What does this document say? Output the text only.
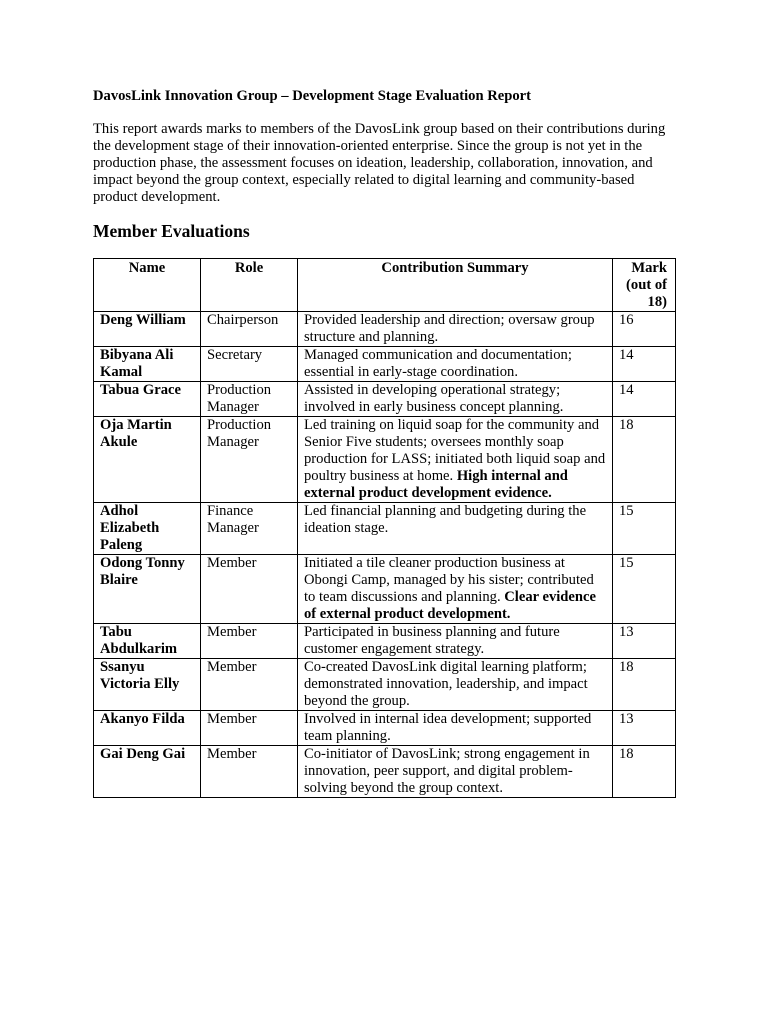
DavosLink Innovation Group – Development Stage Evaluation Report

This report awards marks to members of the DavosLink group based on their contributions during the development stage of their innovation-oriented enterprise. Since the group is not yet in the production phase, the assessment focuses on ideation, leadership, collaboration, innovation, and impact beyond the group context, especially related to digital learning and community-based product development.

Member Evaluations
Name	Role	Contribution Summary	Mark (out of 18)
Deng William	Chairperson	Provided leadership and direction; oversaw group structure and planning.	16
Bibyana Ali Kamal	Secretary	Managed communication and documentation; essential in early-stage coordination.	14
Tabua Grace	Production Manager	Assisted in developing operational strategy; involved in early business concept planning.	14
Oja Martin Akule	Production Manager	Led training on liquid soap for the community and Senior Five students; oversees monthly soap production for LASS; initiated both liquid soap and poultry business at home. High internal and external product development evidence.	18
Adhol Elizabeth Paleng	Finance Manager	Led financial planning and budgeting during the ideation stage.	15
Odong Tonny Blaire	Member	Initiated a tile cleaner production business at Obongi Camp, managed by his sister; contributed to team discussions and planning. Clear evidence of external product development.	15
Tabu Abdulkarim	Member	Participated in business planning and future customer engagement strategy.	13
Ssanyu Victoria Elly	Member	Co-created DavosLink digital learning platform; demonstrated innovation, leadership, and impact beyond the group.	18
Akanyo Filda	Member	Involved in internal idea development; supported team planning.	13
Gai Deng Gai	Member	Co-initiator of DavosLink; strong engagement in innovation, peer support, and digital problem-solving beyond the group context.	18
